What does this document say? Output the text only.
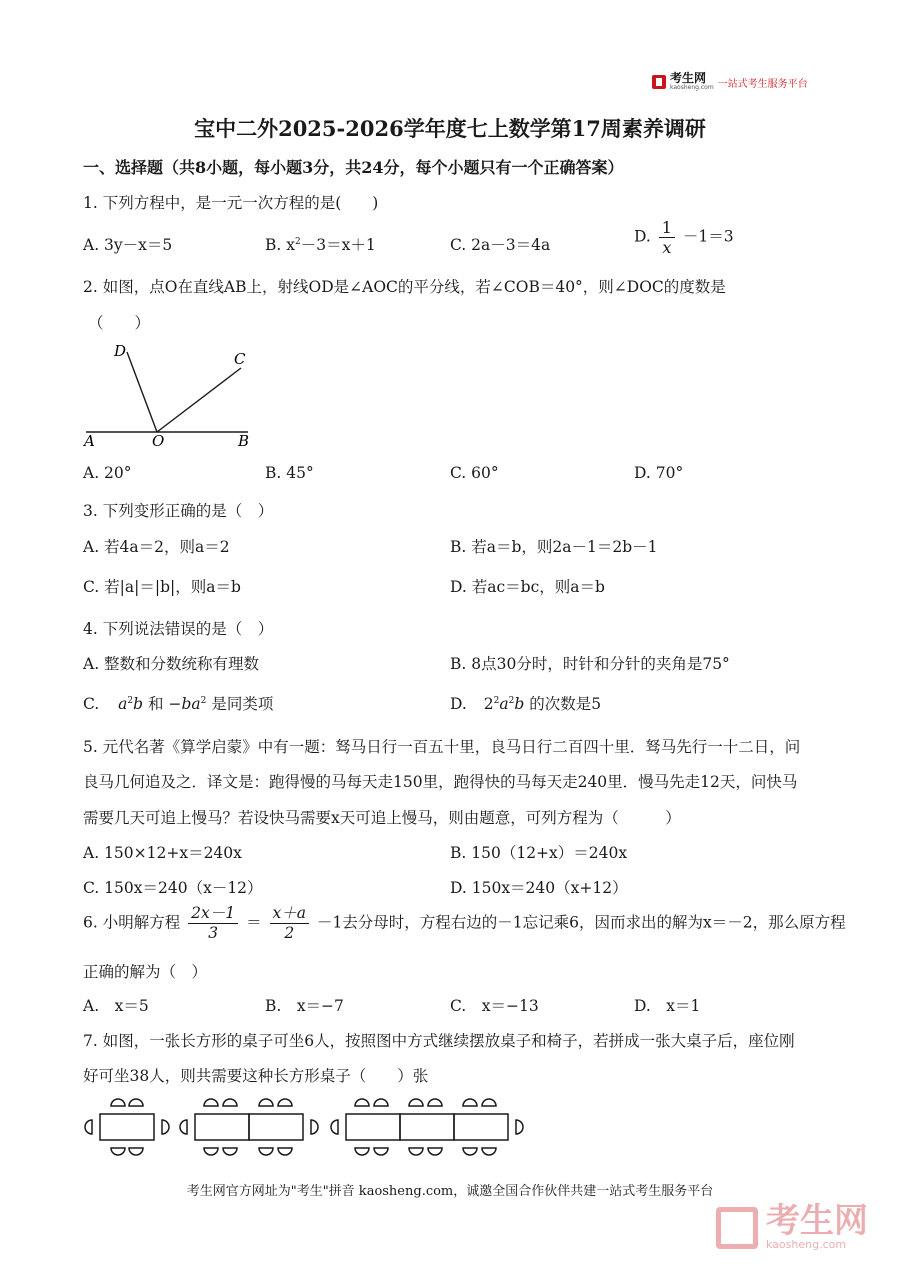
考生网
kaosheng.com 一站式考生服务平台
宝中二外2025-2026学年度七上数学第17周素养调研
一、选择题（共8小题，每小题3分，共24分，每个小题只有一个正确答案）
1. 下列方程中，是一元一次方程的是(　　)
A. 3y－x＝5	B. $x^2-3=x+1$	C. 2a－3＝4a	D. $\frac{1}{x} -1=3$
2. 如图，点O在直线AB上，射线OD是∠AOC的平分线，若∠COB＝40°，则∠DOC的度数是
（　　）
A	O	B
C
D
A. 20°	B. 45°	C. 60°	D. 70°
3. 下列变形正确的是（　）
A. 若4a＝2，则a＝2	B. 若a＝b，则2a－1＝2b－1
C. 若|a|＝|b|，则a＝b	D. 若ac＝bc，则a＝b
4. 下列说法错误的是（　）
A. 整数和分数统称有理数	B. 8点30分时，时针和分针的夹角是75°
C. $a^2b$ 和 $-ba^2$ 是同类项	D. $2^2a^2b$ 的次数是5
5. 元代名著《算学启蒙》中有一题：驽马日行一百五十里，良马日行二百四十里．驽马先行一十二日，问
良马几何追及之．译文是：跑得慢的马每天走150里，跑得快的马每天走240里．慢马先走12天，问快马
需要几天可追上慢马？若设快马需要x天可追上慢马，则由题意，可列方程为（　　　）
A. 150×12+x＝240x	B. 150（12+x）＝240x
C. 150x＝240（x－12）	D. 150x＝240（x+12）
6. 小明解方程 $\frac{2x-1}{3} = \frac{x+a}{2} -1$去分母时，方程右边的－1忘记乘6，因而求出的解为x＝－2，那么原方程
正确的解为（　）
A.　x＝5	B.　x＝−7	C.　x＝−13	D.　x＝1
7. 如图，一张长方形的桌子可坐6人，按照图中方式继续摆放桌子和椅子，若拼成一张大桌子后，座位刚
好可坐38人，则共需要这种长方形桌子（　　）张
考生网官方网址为"考生"拼音 kaosheng.com，诚邀全国合作伙伴共建一站式考生服务平台
考生网
kaosheng.com
